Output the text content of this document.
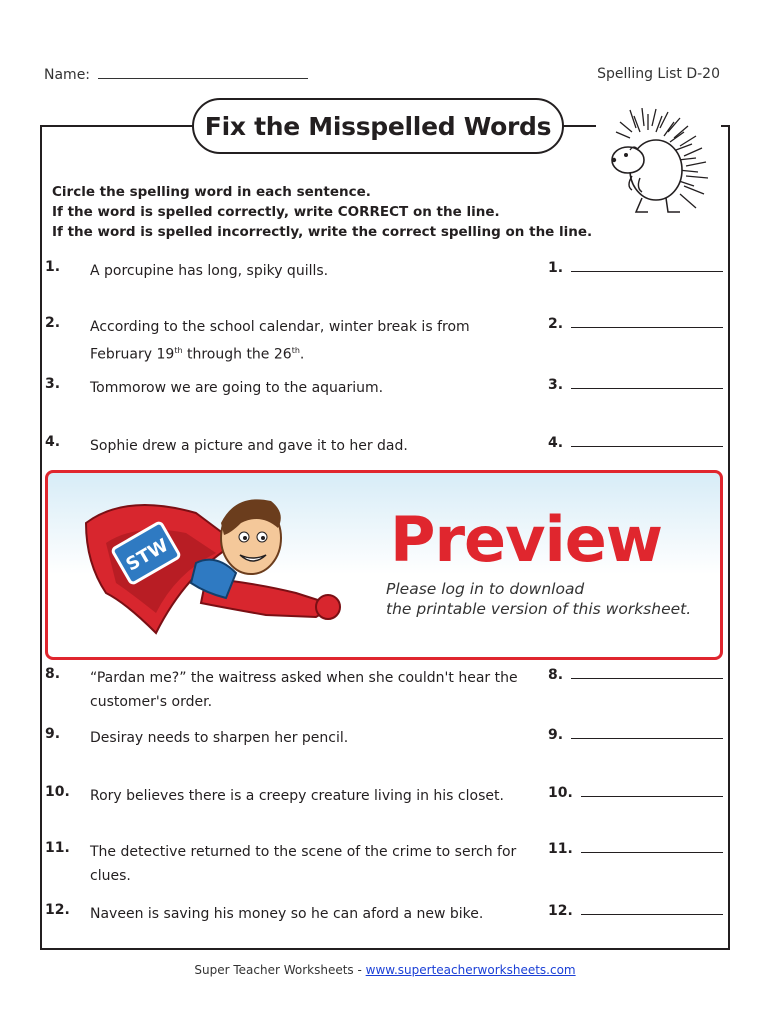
Name:	Spelling List D-20
Fix the Misspelled Words
Circle the spelling word in each sentence.
If the word is spelled correctly, write CORRECT on the line.
If the word is spelled incorrectly, write the correct spelling on the line.
1. A porcupine has long, spiky quills.	1.
2. According to the school calendar, winter break is from February 19th through the 26th.
2.
3. Tommorow we are going to the aquarium.	3.
4. Sophie drew a picture and gave it to her dad.	4.
STW	Preview
Please log in to download
the printable version of this worksheet.
8. “Pardan me?” the waitress asked when she couldn't hear the customer's order.
8.
9. Desiray needs to sharpen her pencil.	9.
10. Rory believes there is a creepy creature living in his closet.	10.
11. The detective returned to the scene of the crime to serch for clues.
11.
12. Naveen is saving his money so he can aford a new bike.	12.
Super Teacher Worksheets - www.superteacherworksheets.com
